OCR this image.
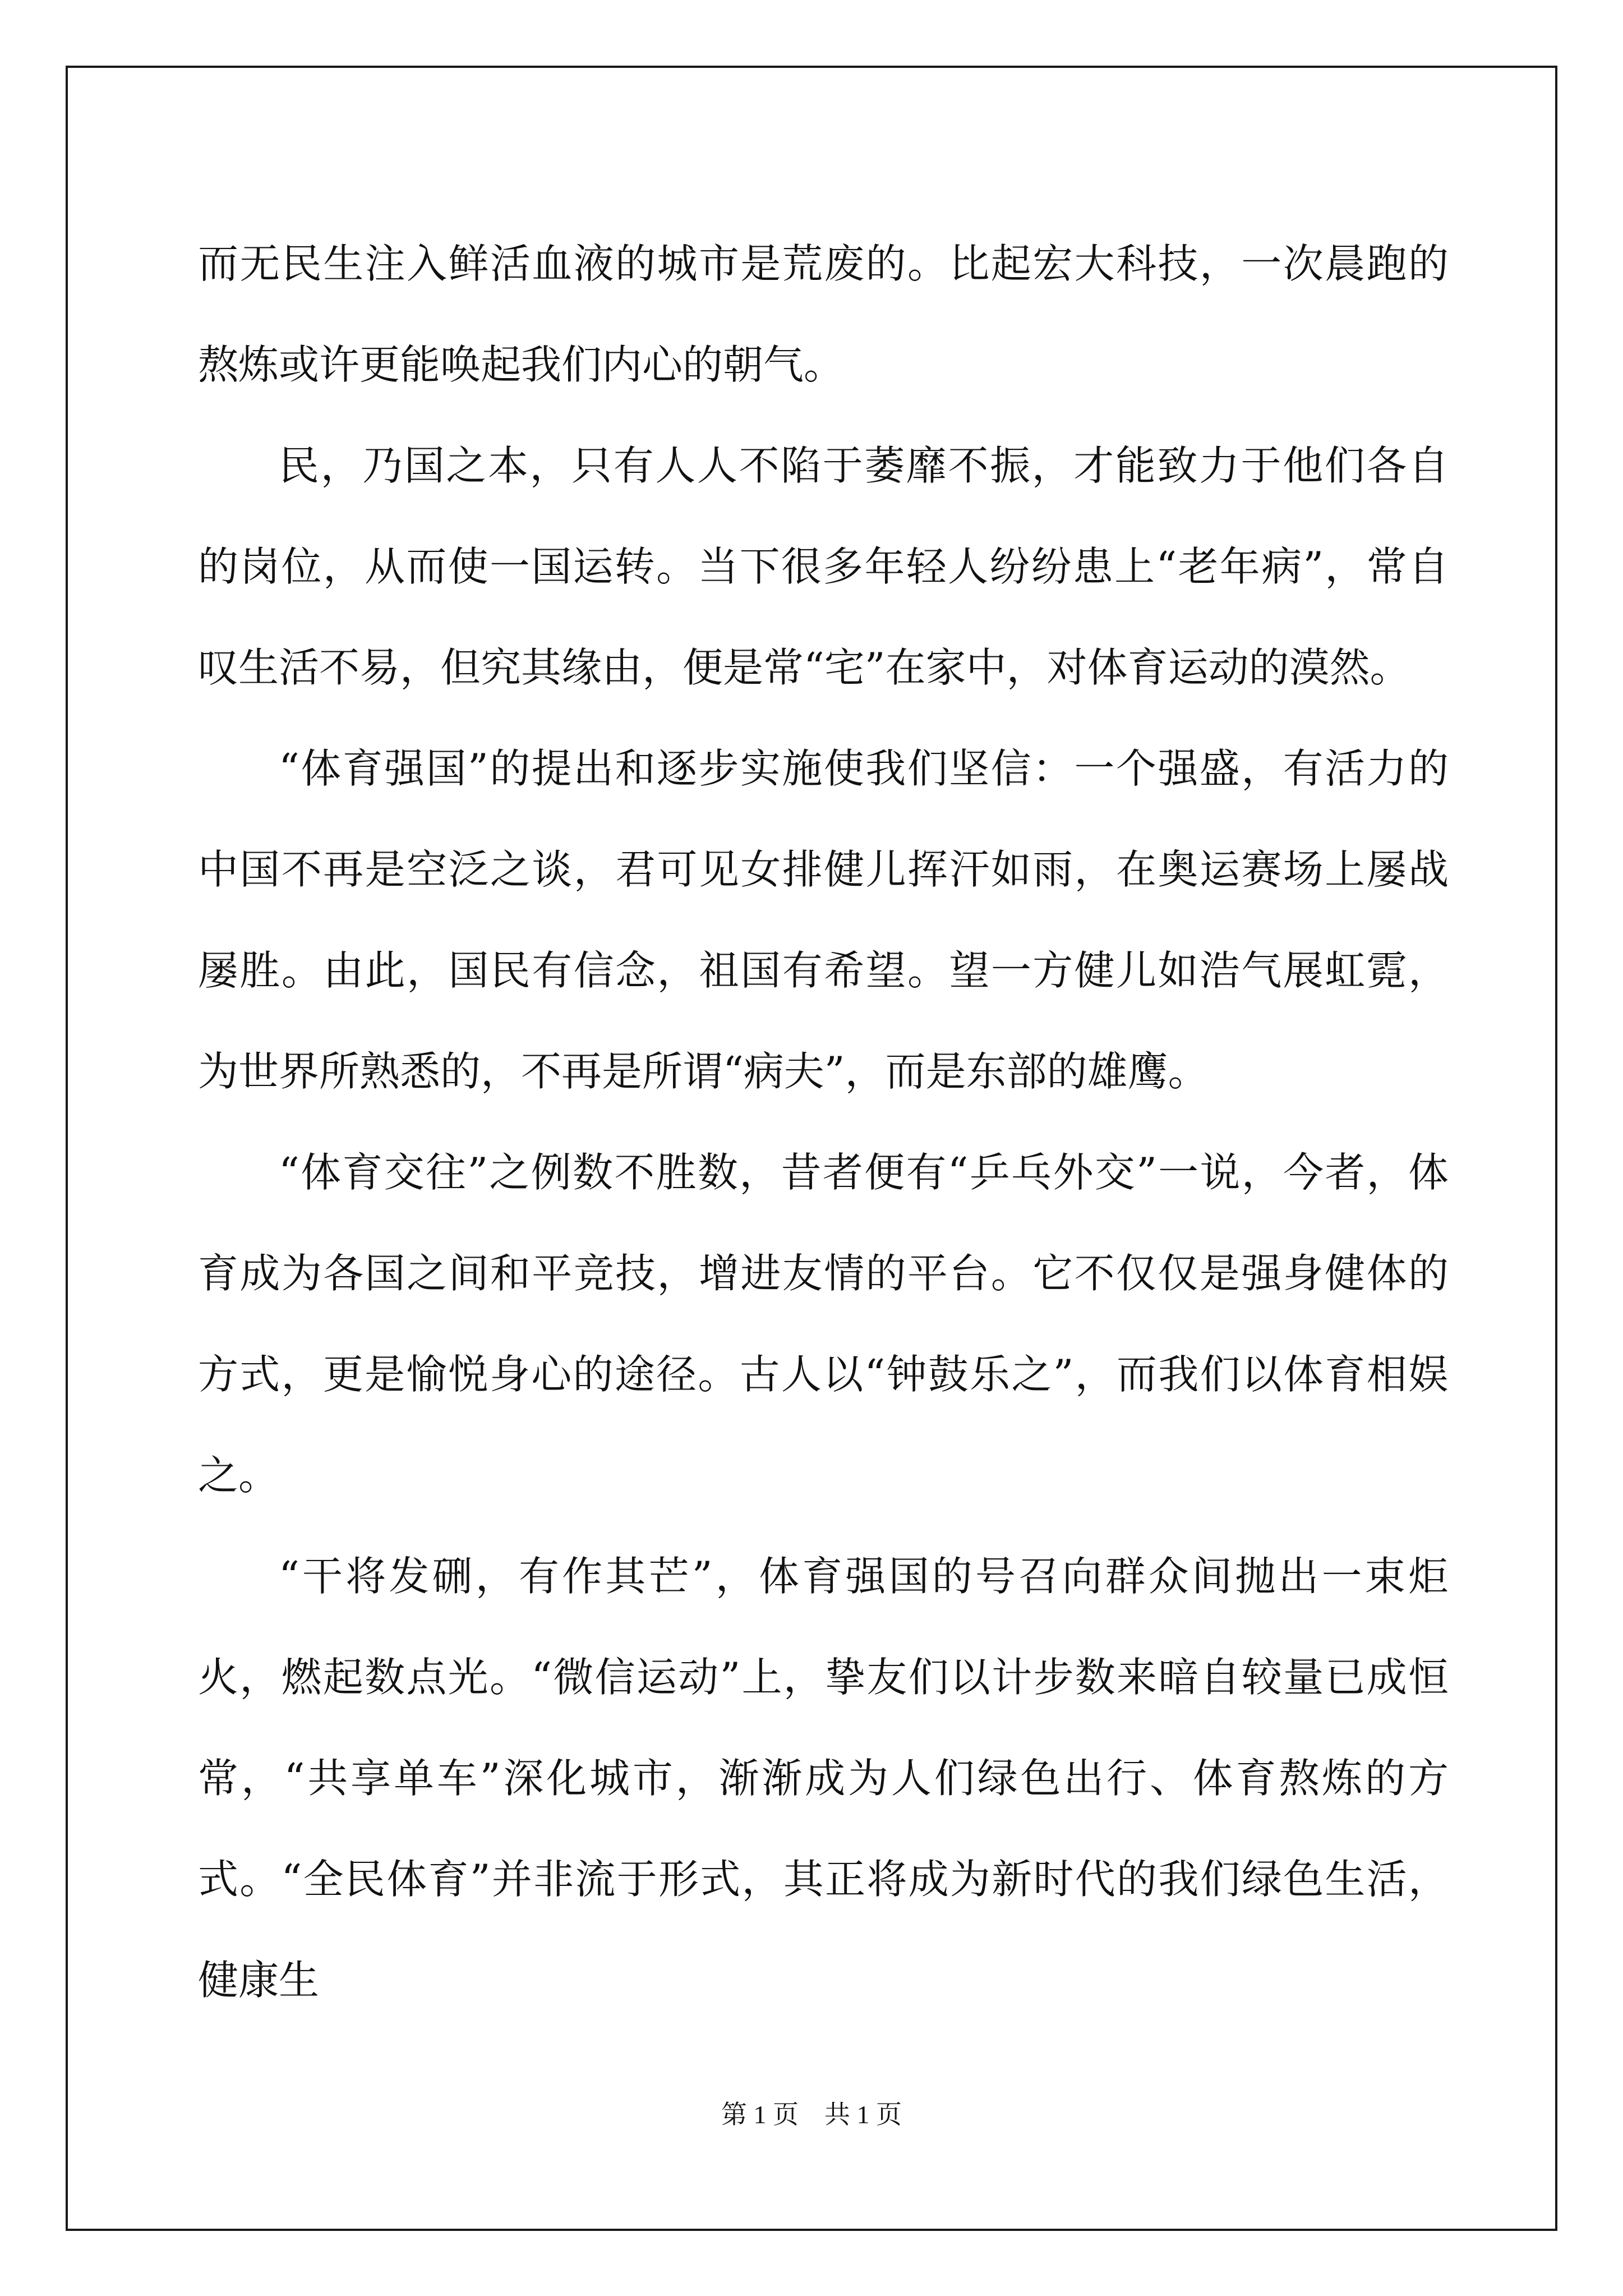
而无民生注入鲜活血液的城市是荒废的。比起宏大科技，一次晨跑的熬炼或许更能唤起我们内心的朝气。

民，乃国之本，只有人人不陷于萎靡不振，才能致力于他们各自的岗位，从而使一国运转。当下很多年轻人纷纷患上“老年病”，常自叹生活不易，但究其缘由，便是常“宅”在家中，对体育运动的漠然。

“体育强国”的提出和逐步实施使我们坚信：一个强盛，有活力的中国不再是空泛之谈，君可见女排健儿挥汗如雨，在奥运赛场上屡战屡胜。由此，国民有信念，祖国有希望。望一方健儿如浩气展虹霓，为世界所熟悉的，不再是所谓“病夫”，而是东部的雄鹰。

“体育交往”之例数不胜数，昔者便有“乒乓外交”一说，今者，体育成为各国之间和平竞技，增进友情的平台。它不仅仅是强身健体的方式，更是愉悦身心的途径。古人以“钟鼓乐之”，而我们以体育相娱之。

“干将发硎，有作其芒”，体育强国的号召向群众间抛出一束炬火，燃起数点光。“微信运动”上，挚友们以计步数来暗自较量已成恒常，“共享单车”深化城市，渐渐成为人们绿色出行、体育熬炼的方式。“全民体育”并非流于形式，其正将成为新时代的我们绿色生活，健康生

第 1 页　共 1 页
